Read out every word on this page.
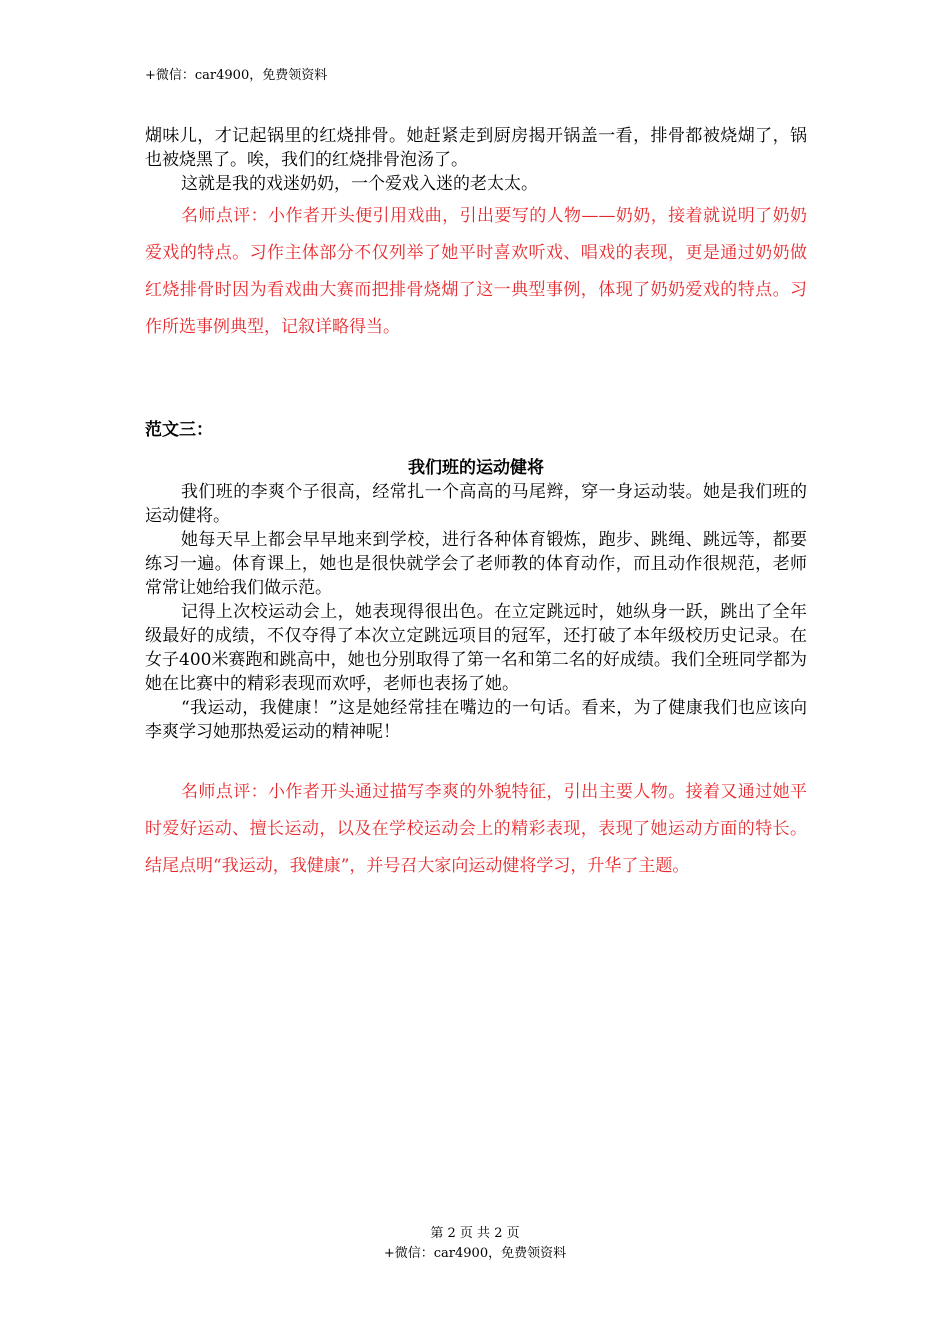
+微信：car4900，免费领资料

煳味儿，才记起锅里的红烧排骨。她赶紧走到厨房揭开锅盖一看，排骨都被烧煳了，锅也被烧黑了。唉，我们的红烧排骨泡汤了。

这就是我的戏迷奶奶，一个爱戏入迷的老太太。

名师点评：小作者开头便引用戏曲，引出要写的人物——奶奶，接着就说明了奶奶爱戏的特点。习作主体部分不仅列举了她平时喜欢听戏、唱戏的表现，更是通过奶奶做红烧排骨时因为看戏曲大赛而把排骨烧煳了这一典型事例，体现了奶奶爱戏的特点。习作所选事例典型，记叙详略得当。

范文三：

我们班的运动健将

我们班的李爽个子很高，经常扎一个高高的马尾辫，穿一身运动装。她是我们班的运动健将。

她每天早上都会早早地来到学校，进行各种体育锻炼，跑步、跳绳、跳远等，都要练习一遍。体育课上，她也是很快就学会了老师教的体育动作，而且动作很规范，老师常常让她给我们做示范。

记得上次校运动会上，她表现得很出色。在立定跳远时，她纵身一跃，跳出了全年级最好的成绩，不仅夺得了本次立定跳远项目的冠军，还打破了本年级校历史记录。在女子400米赛跑和跳高中，她也分别取得了第一名和第二名的好成绩。我们全班同学都为她在比赛中的精彩表现而欢呼，老师也表扬了她。

“我运动，我健康！”这是她经常挂在嘴边的一句话。看来，为了健康我们也应该向李爽学习她那热爱运动的精神呢！

名师点评：小作者开头通过描写李爽的外貌特征，引出主要人物。接着又通过她平时爱好运动、擅长运动，以及在学校运动会上的精彩表现，表现了她运动方面的特长。结尾点明“我运动，我健康”，并号召大家向运动健将学习，升华了主题。

第 2 页 共 2 页
+微信：car4900，免费领资料
